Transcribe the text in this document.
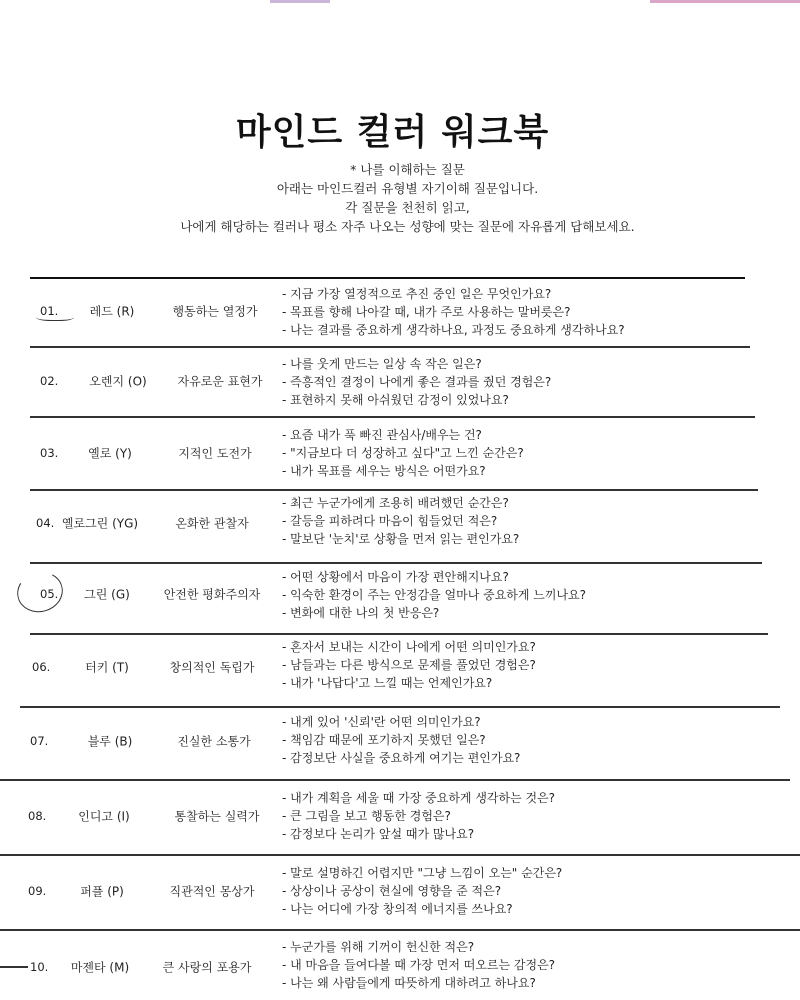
마인드 컬러 워크북
* 나를 이해하는 질문
아래는 마인드컬러 유형별 자기이해 질문입니다.
각 질문을 천천히 읽고,
나에게 해당하는 컬러나 평소 자주 나오는 성향에 맞는 질문에 자유롭게 답해보세요.
01.	레드 (R)	행동하는 열정가
- 지금 가장 열정적으로 추진 중인 일은 무엇인가요?
- 목표를 향해 나아갈 때, 내가 주로 사용하는 말버릇은?
- 나는 결과를 중요하게 생각하나요, 과정도 중요하게 생각하나요?
02.	오렌지 (O)	자유로운 표현가
- 나를 웃게 만드는 일상 속 작은 일은?
- 즉흥적인 결정이 나에게 좋은 결과를 줬던 경험은?
- 표현하지 못해 아쉬웠던 감정이 있었나요?
03. 옐로 (Y)	지적인 도전가
- 요즘 내가 푹 빠진 관심사/배우는 건?
- "지금보다 더 성장하고 싶다"고 느낀 순간은?
- 내가 목표를 세우는 방식은 어떤가요?
04. 옐로그린 (YG)	온화한 관찰자
- 최근 누군가에게 조용히 배려했던 순간은?
- 갈등을 피하려다 마음이 힘들었던 적은?
- 말보단 '눈치'로 상황을 먼저 읽는 편인가요?
05. 그린 (G)	안전한 평화주의자
- 어떤 상황에서 마음이 가장 편안해지나요?
- 익숙한 환경이 주는 안정감을 얼마나 중요하게 느끼나요?
- 변화에 대한 나의 첫 반응은?
06.	터키 (T)	창의적인 독립가
- 혼자서 보내는 시간이 나에게 어떤 의미인가요?
- 남들과는 다른 방식으로 문제를 풀었던 경험은?
- 내가 '나답다'고 느낄 때는 언제인가요?
07.	블루 (B)	진실한 소통가
- 내게 있어 '신뢰'란 어떤 의미인가요?
- 책임감 때문에 포기하지 못했던 일은?
- 감정보단 사실을 중요하게 여기는 편인가요?
08.	인디고 (I)	통찰하는 실력가
- 내가 계획을 세울 때 가장 중요하게 생각하는 것은?
- 큰 그림을 보고 행동한 경험은?
- 감정보다 논리가 앞설 때가 많나요?
09.	퍼플 (P)	직관적인 몽상가
- 말로 설명하긴 어렵지만 "그냥 느낌이 오는" 순간은?
- 상상이나 공상이 현실에 영향을 준 적은?
- 나는 어디에 가장 창의적 에너지를 쓰나요?
10. 마젠타 (M)	큰 사랑의 포용가
- 누군가를 위해 기꺼이 헌신한 적은?
- 내 마음을 들여다볼 때 가장 먼저 떠오르는 감정은?
- 나는 왜 사람들에게 따뜻하게 대하려고 하나요?
